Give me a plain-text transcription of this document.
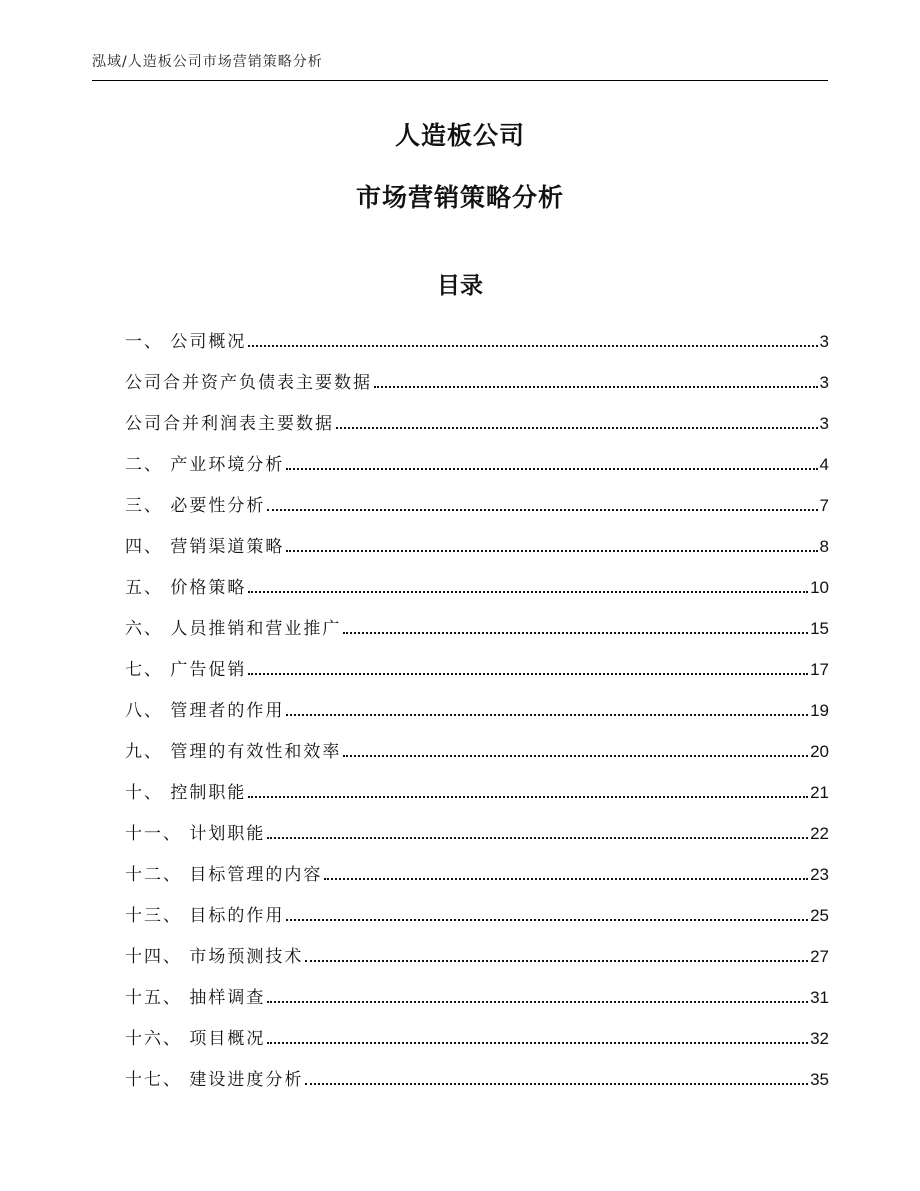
泓域/人造板公司市场营销策略分析
人造板公司
市场营销策略分析
目录
一、 公司概况	3
公司合并资产负债表主要数据	3
公司合并利润表主要数据	3
二、 产业环境分析	4
三、 必要性分析	7
四、 营销渠道策略	8
五、 价格策略	10
六、 人员推销和营业推广	15
七、 广告促销	17
八、 管理者的作用	19
九、 管理的有效性和效率	20
十、 控制职能	21
十一、 计划职能	22
十二、 目标管理的内容	23
十三、 目标的作用	25
十四、 市场预测技术	27
十五、 抽样调查	31
十六、 项目概况	32
十七、 建设进度分析	35
